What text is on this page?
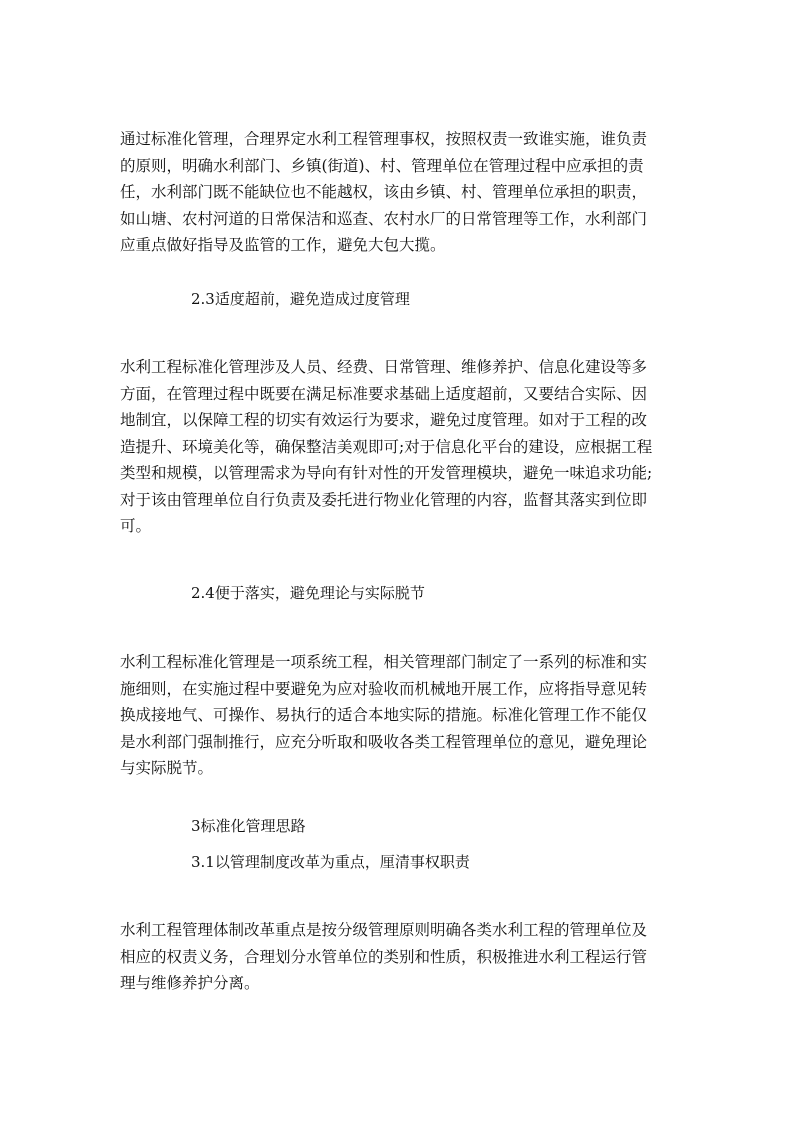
通过标准化管理，合理界定水利工程管理事权，按照权责一致谁实施，谁负责
的原则，明确水利部门、乡镇(街道)、村、管理单位在管理过程中应承担的责
任，水利部门既不能缺位也不能越权，该由乡镇、村、管理单位承担的职责，
如山塘、农村河道的日常保洁和巡查、农村水厂的日常管理等工作，水利部门
应重点做好指导及监管的工作，避免大包大揽。

2.3适度超前，避免造成过度管理

水利工程标准化管理涉及人员、经费、日常管理、维修养护、信息化建设等多
方面，在管理过程中既要在满足标准要求基础上适度超前，又要结合实际、因
地制宜，以保障工程的切实有效运行为要求，避免过度管理。如对于工程的改
造提升、环境美化等，确保整洁美观即可;对于信息化平台的建设，应根据工程
类型和规模，以管理需求为导向有针对性的开发管理模块，避免一味追求功能;
对于该由管理单位自行负责及委托进行物业化管理的内容，监督其落实到位即
可。

2.4便于落实，避免理论与实际脱节

水利工程标准化管理是一项系统工程，相关管理部门制定了一系列的标准和实
施细则，在实施过程中要避免为应对验收而机械地开展工作，应将指导意见转
换成接地气、可操作、易执行的适合本地实际的措施。标准化管理工作不能仅
是水利部门强制推行，应充分听取和吸收各类工程管理单位的意见，避免理论
与实际脱节。

3标准化管理思路

3.1以管理制度改革为重点，厘清事权职责

水利工程管理体制改革重点是按分级管理原则明确各类水利工程的管理单位及
相应的权责义务，合理划分水管单位的类别和性质，积极推进水利工程运行管
理与维修养护分离。
